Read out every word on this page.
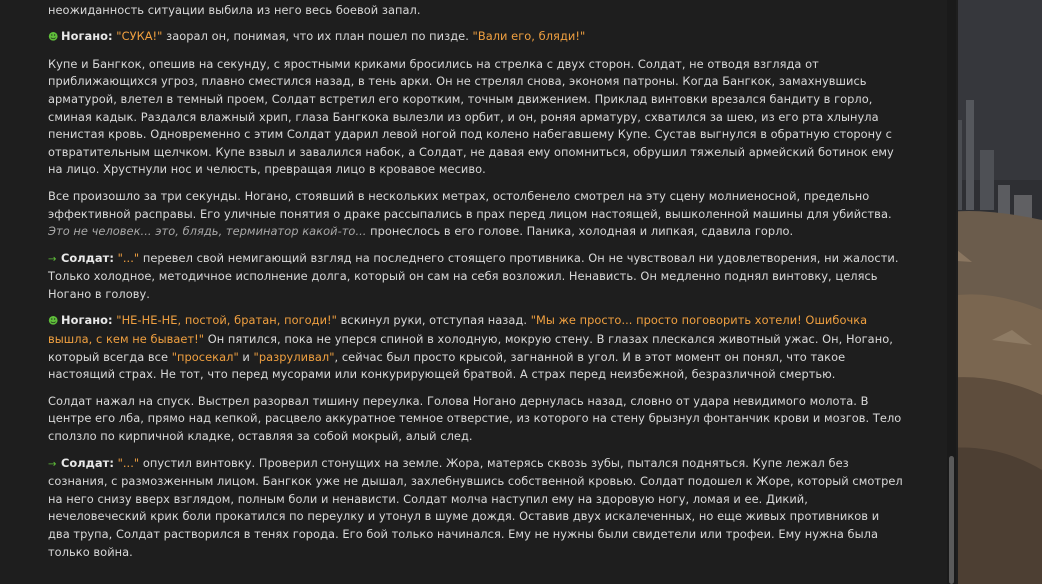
неожиданность ситуации выбила из него весь боевой запал.

☻ Ногано: "СУКА!" заорал он, понимая, что их план пошел по пизде. "Вали его, бляди!"

Купе и Бангкок, опешив на секунду, с яростными криками бросились на стрелка с двух сторон. Солдат, не отводя взгляда от приближающихся угроз, плавно сместился назад, в тень арки. Он не стрелял снова, экономя патроны. Когда Бангкок, замахнувшись арматурой, влетел в темный проем, Солдат встретил его коротким, точным движением. Приклад винтовки врезался бандиту в горло, сминая кадык. Раздался влажный хрип, глаза Бангкока вылезли из орбит, и он, роняя арматуру, схватился за шею, из его рта хлынула пенистая кровь. Одновременно с этим Солдат ударил левой ногой под колено набегавшему Купе. Сустав выгнулся в обратную сторону с отвратительным щелчком. Купе взвыл и завалился набок, а Солдат, не давая ему опомниться, обрушил тяжелый армейский ботинок ему на лицо. Хрустнули нос и челюсть, превращая лицо в кровавое месиво.

Все произошло за три секунды. Ногано, стоявший в нескольких метрах, остолбенело смотрел на эту сцену молниеносной, предельно эффективной расправы. Его уличные понятия о драке рассыпались в прах перед лицом настоящей, вышколенной машины для убийства. Это не человек... это, блядь, терминатор какой-то... пронеслось в его голове. Паника, холодная и липкая, сдавила горло.

→ Солдат: "..." перевел свой немигающий взгляд на последнего стоящего противника. Он не чувствовал ни удовлетворения, ни жалости. Только холодное, методичное исполнение долга, который он сам на себя возложил. Ненависть. Он медленно поднял винтовку, целясь Ногано в голову.

☻ Ногано: "НЕ-НЕ-НЕ, постой, братан, погоди!" вскинул руки, отступая назад. "Мы же просто... просто поговорить хотели! Ошибочка вышла, с кем не бывает!" Он пятился, пока не уперся спиной в холодную, мокрую стену. В глазах плескался животный ужас. Он, Ногано, который всегда все "просекал" и "разруливал", сейчас был просто крысой, загнанной в угол. И в этот момент он понял, что такое настоящий страх. Не тот, что перед мусорами или конкурирующей братвой. А страх перед неизбежной, безразличной смертью.

Солдат нажал на спуск. Выстрел разорвал тишину переулка. Голова Ногано дернулась назад, словно от удара невидимого молота. В центре его лба, прямо над кепкой, расцвело аккуратное темное отверстие, из которого на стену брызнул фонтанчик крови и мозгов. Тело сползло по кирпичной кладке, оставляя за собой мокрый, алый след.

→ Солдат: "..." опустил винтовку. Проверил стонущих на земле. Жора, матерясь сквозь зубы, пытался подняться. Купе лежал без сознания, с размозженным лицом. Бангкок уже не дышал, захлебнувшись собственной кровью. Солдат подошел к Жоре, который смотрел на него снизу вверх взглядом, полным боли и ненависти. Солдат молча наступил ему на здоровую ногу, ломая и ее. Дикий, нечеловеческий крик боли прокатился по переулку и утонул в шуме дождя. Оставив двух искалеченных, но еще живых противников и два трупа, Солдат растворился в тенях города. Его бой только начинался. Ему не нужны были свидетели или трофеи. Ему нужна была только война.
